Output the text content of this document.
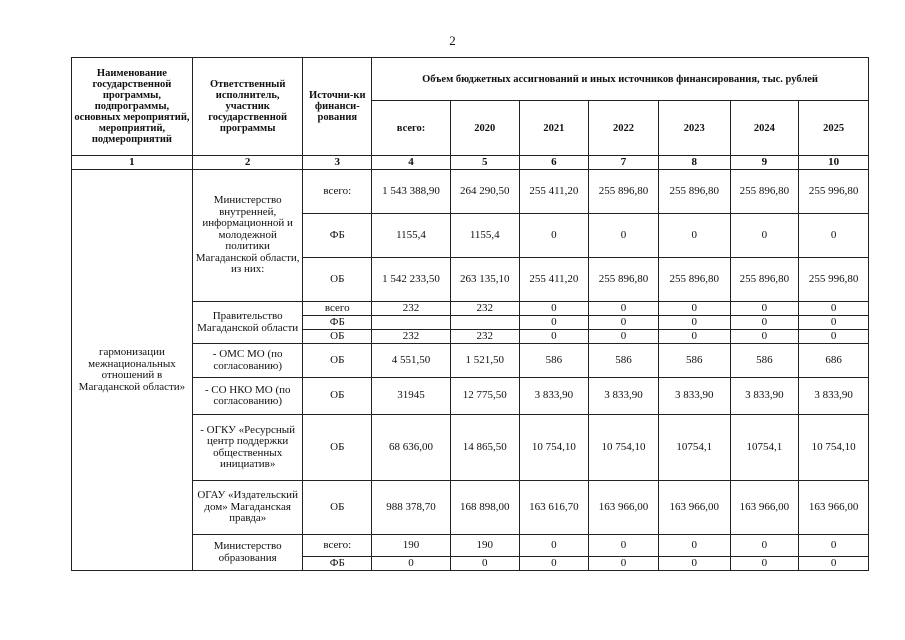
2
Наименование государственной программы, подпрограммы, основных мероприятий, мероприятий, подмероприятий	Ответственный исполнитель, участник государственной программы	Источни-ки финанси-рования	Объем бюджетных ассигнований и иных источников финансирования, тыс. рублей						
			всего:	2020	2021	2022	2023	2024	2025
1	2	3	4	5	6	7	8	9	10
гармонизации межнациональных отношений в Магаданской области»	Министерство внутренней, информационной и молодежной политики Магаданской области, из них:	всего:	1 543 388,90	264 290,50	255 411,20	255 896,80	255 896,80	255 896,80	255 996,80
		ФБ	1155,4	1155,4	0	0	0	0	0
		ОБ	1 542 233,50	263 135,10	255 411,20	255 896,80	255 896,80	255 896,80	255 996,80
	Правительство Магаданской области	всего	232	232	0	0	0	0	0
		ФБ			0	0	0	0	0
		ОБ	232	232	0	0	0	0	0
	- ОМС МО (по согласованию)	ОБ	4 551,50	1 521,50	586	586	586	586	686
	- СО НКО МО (по согласованию)	ОБ	31945	12 775,50	3 833,90	3 833,90	3 833,90	3 833,90	3 833,90
	- ОГКУ «Ресурсный центр поддержки общественных инициатив»	ОБ	68 636,00	14 865,50	10 754,10	10 754,10	10754,1	10754,1	10 754,10
	ОГАУ «Издательский дом» Магаданская правда»	ОБ	988 378,70	168 898,00	163 616,70	163 966,00	163 966,00	163 966,00	163 966,00
	Министерство образования	всего:	190	190	0	0	0	0	0
		ФБ	0	0	0	0	0	0	0
